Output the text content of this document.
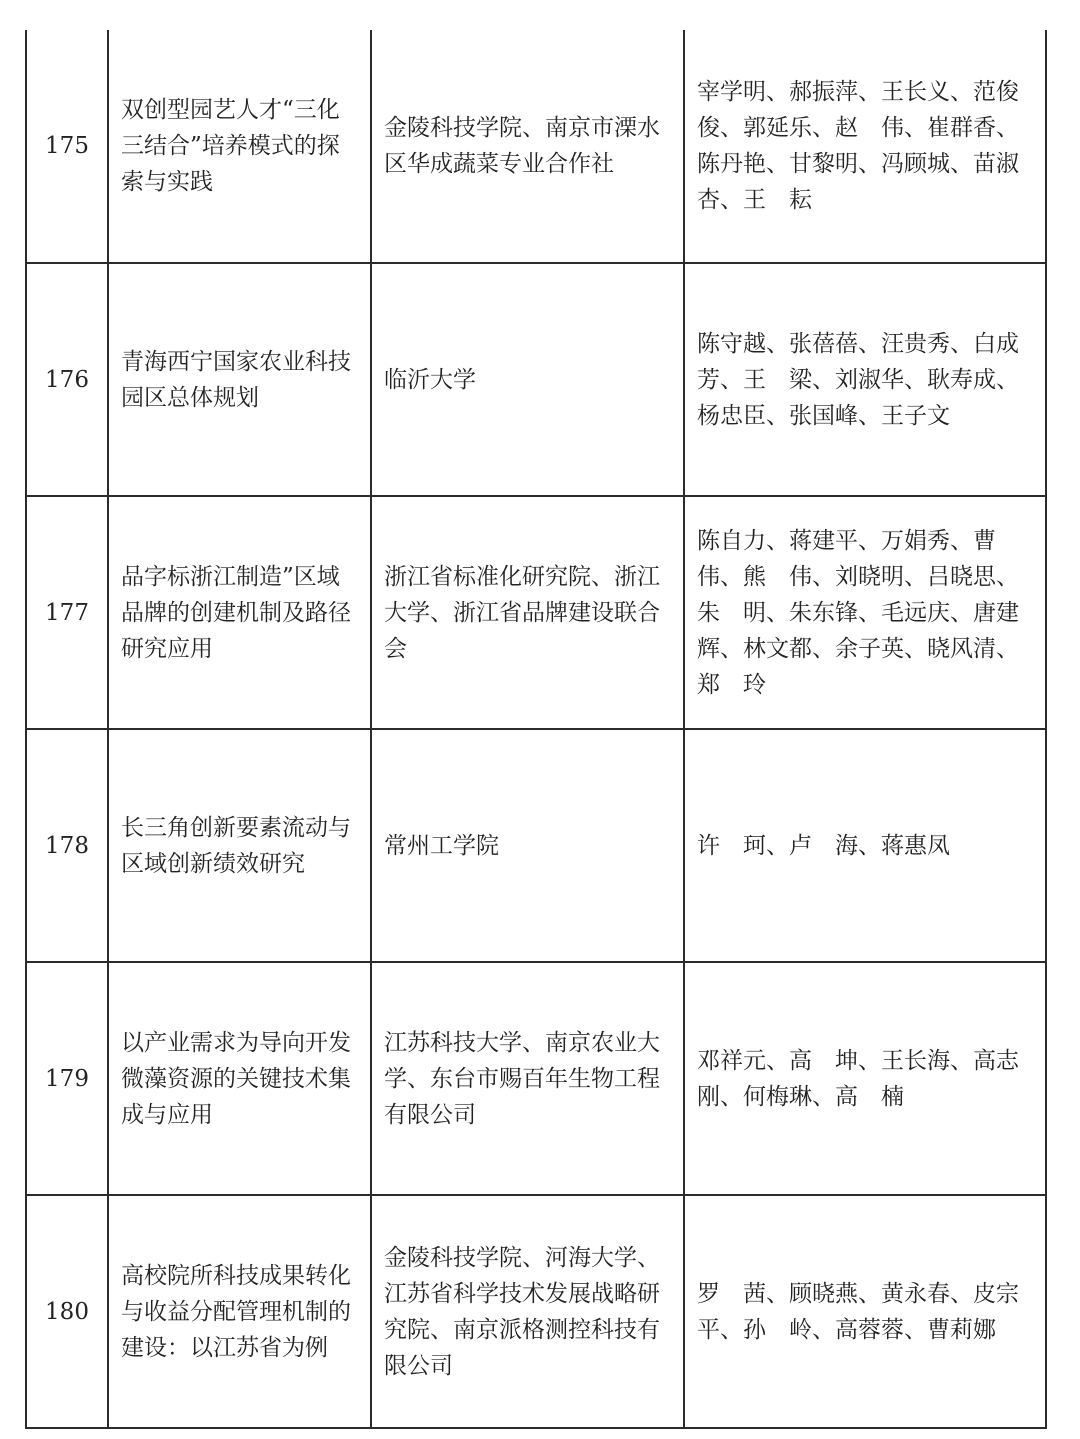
175	双创型园艺人才“三化三结合”培养模式的探索与实践	金陵科技学院、南京市溧水区华成蔬菜专业合作社	宰学明、郝振萍、王长义、范俊俊、郭延乐、赵　伟、崔群香、陈丹艳、甘黎明、冯顾城、苗淑杏、王　耘
176	青海西宁国家农业科技园区总体规划	临沂大学	陈守越、张蓓蓓、汪贵秀、白成芳、王　梁、刘淑华、耿寿成、杨忠臣、张国峰、王子文
177	品字标浙江制造”区域品牌的创建机制及路径研究应用	浙江省标准化研究院、浙江大学、浙江省品牌建设联合会	陈自力、蒋建平、万娟秀、曹伟、熊　伟、刘晓明、吕晓思、朱　明、朱东锋、毛远庆、唐建辉、林文都、余子英、晓风清、郑　玲
178	长三角创新要素流动与区域创新绩效研究	常州工学院	许　珂、卢　海、蒋惠凤
179	以产业需求为导向开发微藻资源的关键技术集成与应用	江苏科技大学、南京农业大学、东台市赐百年生物工程有限公司	邓祥元、高　坤、王长海、高志刚、何梅琳、高　楠
180	高校院所科技成果转化与收益分配管理机制的建设：以江苏省为例	金陵科技学院、河海大学、江苏省科学技术发展战略研究院、南京派格测控科技有限公司	罗　茜、顾晓燕、黄永春、皮宗平、孙　岭、高蓉蓉、曹莉娜
